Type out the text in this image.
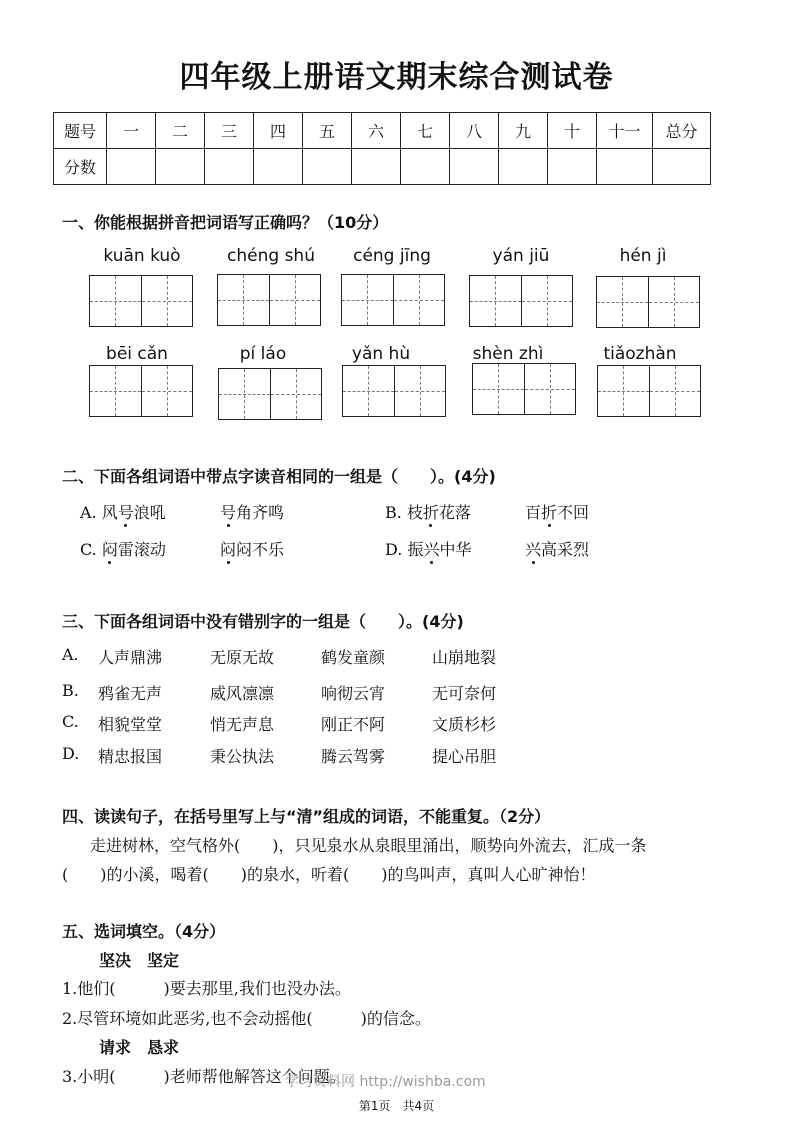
四年级上册语文期末综合测试卷
题号	一	二	三	四	五	六	七	八	九	十	十一	总分
分数												
一、你能根据拼音把词语写正确吗？（10分）
kuān kuò	chéng shú	céng jīng	yán jiū	hén jì
bēi cǎn	pí láo	yǎn hù	shèn zhì	tiǎozhàn
二、下面各组词语中带点字读音相同的一组是（　　）。(4分)
A. 风号浪吼	号角齐鸣	B. 枝折花落	百折不回
C. 闷雷滚动	闷闷不乐	D. 振兴中华	兴高采烈
三、下面各组词语中没有错别字的一组是（　　）。(4分)
A. 人声鼎沸	无原无故	鹤发童颜	山崩地裂
B. 鸦雀无声	威风凛凛	响彻云宵	无可奈何
C. 相貌堂堂	悄无声息	刚正不阿	文质杉杉
D. 精忠报国	秉公执法	腾云驾雾	提心吊胆
四、读读句子，在括号里写上与“清”组成的词语，不能重复。（2分）
走进树林，空气格外(　　)，只见泉水从泉眼里涌出，顺势向外流去，汇成一条
(　　)的小溪，喝着(　　)的泉水，听着(　　)的鸟叫声，真叫人心旷神怡！
五、选词填空。（4分）
坚决　坚定
1.他们(　　　)要去那里,我们也没办法。
2.尽管环境如此恶劣,也不会动摇他(　　　)的信念。
请求　恳求
3.小明(　　　)老师帮他解答这个问题。
学习资料网 http://wishba.com
第1页　共4页
